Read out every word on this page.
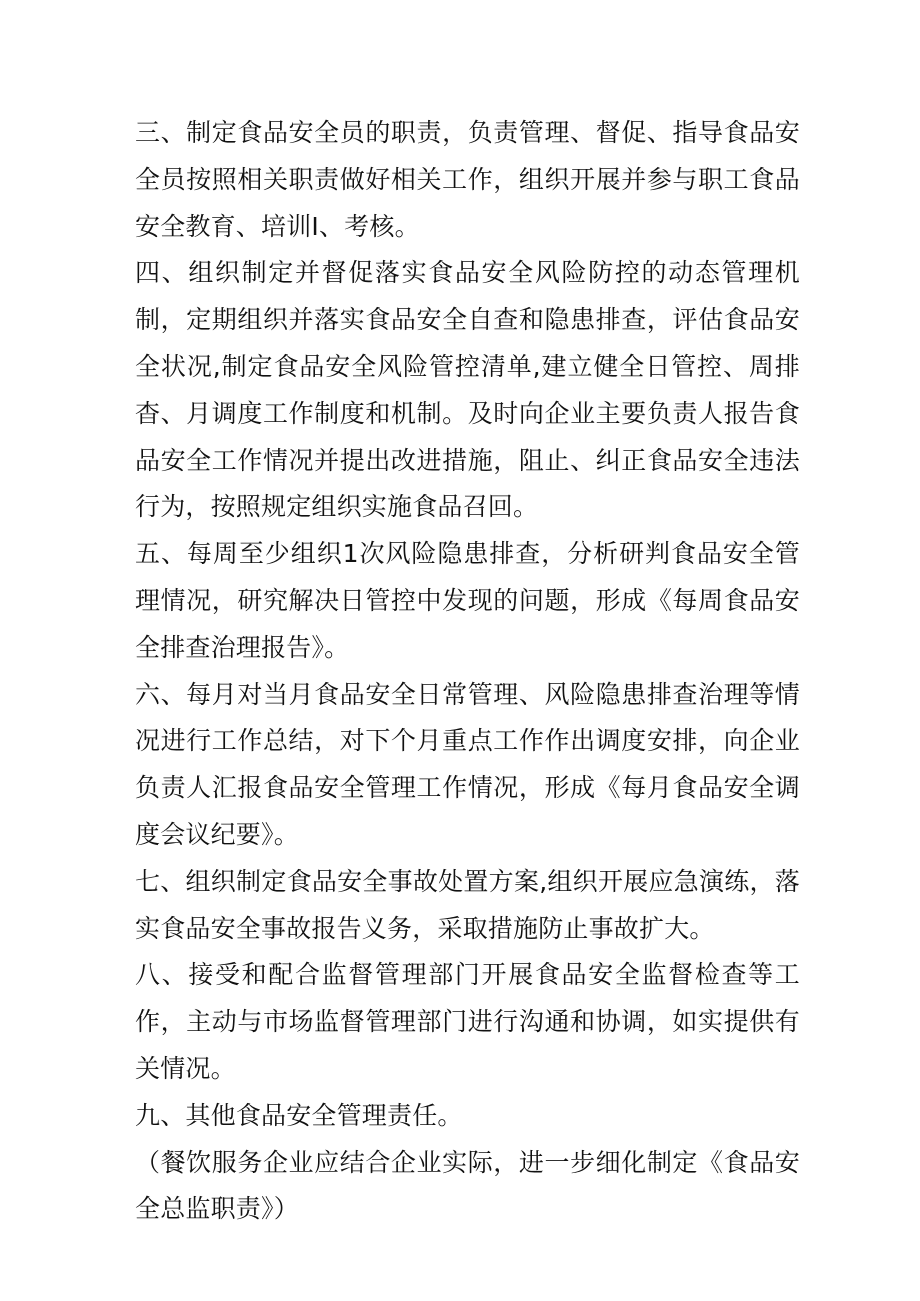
三、制定食品安全员的职责，负责管理、督促、指导食品安全员按照相关职责做好相关工作，组织开展并参与职工食品安全教育、培训I、考核。

四、组织制定并督促落实食品安全风险防控的动态管理机制，定期组织并落实食品安全自查和隐患排查，评估食品安全状况,制定食品安全风险管控清单,建立健全日管控、周排杳、月调度工作制度和机制。及时向企业主要负责人报告食品安全工作情况并提出改进措施，阻止、纠正食品安全违法行为，按照规定组织实施食品召回。

五、每周至少组织1次风险隐患排查，分析研判食品安全管理情况，研究解决日管控中发现的问题，形成《每周食品安全排查治理报告》。

六、每月对当月食品安全日常管理、风险隐患排查治理等情况进行工作总结，对下个月重点工作作出调度安排，向企业负责人汇报食品安全管理工作情况，形成《每月食品安全调度会议纪要》。

七、组织制定食品安全事故处置方案,组织开展应急演练，落实食品安全事故报告义务，采取措施防止事故扩大。

八、接受和配合监督管理部门开展食品安全监督检查等工作，主动与市场监督管理部门进行沟通和协调，如实提供有关情况。

九、其他食品安全管理责任。

（餐饮服务企业应结合企业实际，进一步细化制定《食品安全总监职责》）
